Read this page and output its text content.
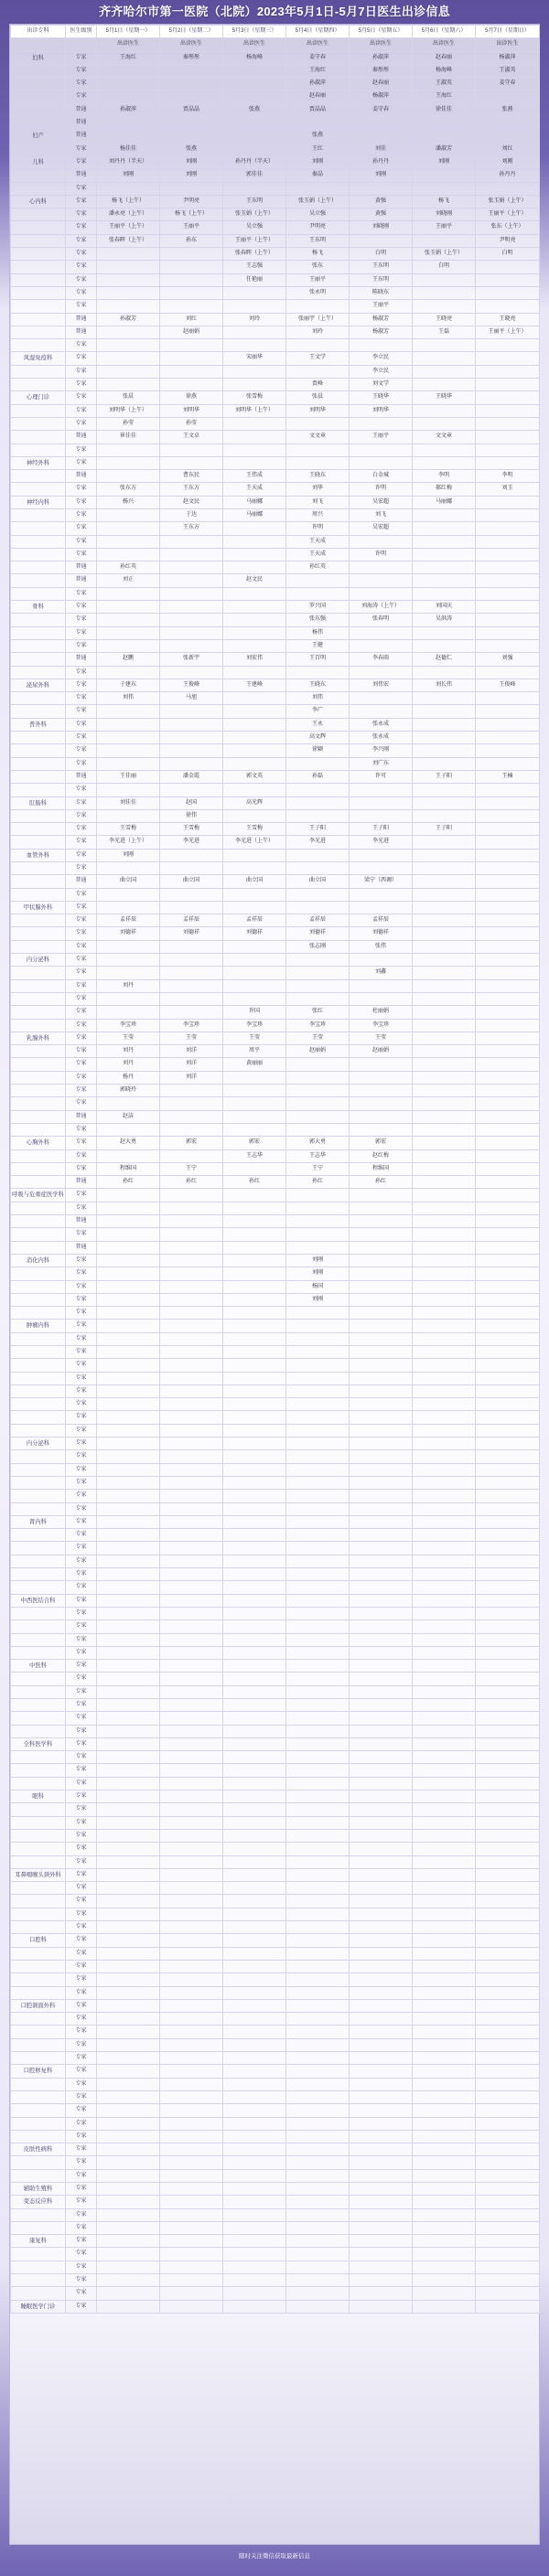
齐齐哈尔市第一医院（北院）2023年5月1日-5月7日医生出诊信息
出诊专科	医生级别	5月1日（星期一）	5月2日（星期二）	5月3日（星期三）	5月4日（星期四）	5月5日（星期五）	5月6日（星期六）	5月7日（星期日）
		出诊医生	出诊医生	出诊医生	出诊医生	出诊医生	出诊医生	出诊医生
妇科	专家	王海红	秦彤彤	杨海峰	姜守春	孙淑萍	赵春丽	杨淑萍
	专家				王海红	秦彤彤	杨海峰	王淑英
	专家				孙淑萍	赵春丽	王淑英	姜守春
	专家				赵春丽	杨淑萍	王海红	
	普通	孙淑萍	贾晶晶	张燕	贾晶晶	姜守春	徐佳佳	张燕
	普通							
妇产	普通				张燕			
	专家	杨佳佳	张燕		王红	刘佳	潘淑芳	刘红
儿科	专家	刘丹丹（半天）	刘刚	孙丹丹（半天）	刘刚	孙丹丹	刘刚	刘刚
	普通	刘刚	刘刚	郭佳佳	秦晶	刘刚		孙丹丹
	专家							
心内科	专家	杨飞（上午）	尹明亮	王东明	张玉娟（上午）	黄强	杨飞	张玉娟（上午）
	专家	潘永亮（上午）	杨飞（上午）	张玉娟（上午）	吴立强	黄强	刘晓刚	王丽平（上午）
	专家	王丽平（上午）	王丽平	吴立强	尹明亮	刘晓刚	王丽平	张东（上午）
	专家	张春晖（上午）	孙东	王丽平（上午）	王东明			尹明亮
	专家			张春晖（上午）	杨飞	白明	张玉娟（上午）	白明
	专家			王志强	张东	王东明	白明	
	专家			任艳丽	王丽平	王东明		
	专家				张永明	陈晓东		
	专家					王丽平		
	普通	孙淑芳	刘红	刘玲	张丽宇（上午）	杨淑芳	王晓亮	王晓亮
	普通		赵丽娟		刘玲	杨淑芳	王磊	王丽平（上午）
	专家							
风湿免疫科	专家			宋丽华	王文学	李立民		
	专家					李立民		
	专家				贾峰	刘文学		
心理门诊	专家	张晨	徐燕	张雪梅	张晨	王晓华	王晓华	
	专家	刘明华（上午）	刘明华	刘明华（上午）	刘明华	刘明华		
	专家	孙莹	孙莹					
	普通	崔佳佳	王文卓		文文章	王丽平	文文章	
	专家							
神经外科	专家							
	普通		曹东民	王伟成	王晓东	白金城	李明	李明
	专家	张东方	王东方	王天成	刘华	许明	郝红梅	刘玉
神经内科	专家	杨兴	赵文民	马丽娜	刘飞	吴宏超	马丽娜	
	专家		于达	马丽娜	周兴	刘飞		
	专家		王东方		许明	吴宏超		
	专家				王天成			
	专家				王天成	许明		
	普通	孙红英			孙红英			
	普通	刘正		赵文民				
	专家							
骨科	专家				罗兴国	刘海涛（上午）	刘国庆	
	专家				张东强	张春明	吴洪涛	
	专家				杨伟			
	专家				王健			
	普通	赵鹏	张新宇	刘宏伟	王百明	李春雨	赵德仁	刘强
	专家							
泌尿外科	专家	于建东	王俊峰	王建峰	王晓东	刘伟宏	刘长伟	王俊峰
	专家	刘伟	马旭		刘伟			
	专家				李广			
普外科	专家				王永	张永成		
	专家				高文辉	张永成		
	专家				徐颖	李兴刚		
	专家					刘广东		
	普通	王佳丽	潘金霞	郭文英	孙磊	许可	王子阳	王楠
	专家							
肛肠科	专家	刘佳佳	赵国	高光辉				
	专家		徐伟					
	专家	王雪梅	王雪梅	王雪梅	王子阳	王子阳	王子阳	
	专家	李光进（上午）	李光进	李光进（上午）	李光进	李光进		
血管外科	专家	刘刚						
	专家							
	普通	曲立国	曲立国	曲立国	曲立国	梁宁（西调）		
	专家							
甲状腺外科	专家							
	专家	孟祥辰	孟祥辰	孟祥辰	孟祥辰	孟祥辰		
	专家	刘德祥	刘德祥	刘德祥	刘德祥	刘德祥		
	专家				张志刚	张伟		
内分泌科	专家							
	专家					刘鑫		
	专家	刘丹						
	专家							
	专家			许国	张红	杜丽娟		
	专家	李宝珍	李宝珍	李宝珍	李宝珍	李宝珍		
乳腺外科	专家	王莹	王莹	王莹	王莹	王莹		
	专家	刘丹	刘洋	周平	赵丽娟	赵丽娟		
	专家	刘丹	刘洋	黄丽丽				
	专家	杨丹	刘洋					
	专家	郭晓玲						
	专家							
	普通	赵洁						
	专家							
心胸外科	专家	赵大勇	郭宏	郭宏	郭大勇	郭宏		
	专家			王志华	王志华	赵红梅		
	专家	程维国	王宁		王宁	程维国		
	普通	孙红	孙红	孙红	孙红	孙红		
呼吸与危重症医学科	专家							
	专家							
	普通							
	专家							
	普通							
消化内科	专家				刘刚			
	专家				刘刚			
	专家				杨国			
	专家				刘刚			
	专家							
肿瘤内科	专家							
	专家							
	专家							
	专家							
	专家							
	专家							
	专家							
	专家							
	专家							
内分泌科	专家							
	专家							
	专家							
	专家							
	专家							
	专家							
肾内科	专家							
	专家							
	专家							
	专家							
	专家							
	专家							
中西医结合科	专家							
	专家							
	专家							
	专家							
	专家							
中医科	专家							
	专家							
	专家							
	专家							
	专家							
	专家							
全科医学科	专家							
	专家							
	专家							
	专家							
眼科	专家							
	专家							
	专家							
	专家							
	专家							
	专家							
耳鼻咽喉头颈外科	专家							
	专家							
	专家							
	专家							
	专家							
口腔科	专家							
	专家							
	专家							
	专家							
	专家							
口腔颌面外科	专家							
	专家							
	专家							
	专家							
	专家							
口腔修复科	专家							
	专家							
	专家							
	专家							
	专家							
	专家							
皮肤性病科	专家							
	专家							
	专家							
辅助生殖科	专家							
变态反应科	专家							
	专家							
	专家							
康复科	专家							
	专家							
	专家							
	专家							
	专家							
睡眠医学门诊	专家							
随时关注微信获取最新信息
